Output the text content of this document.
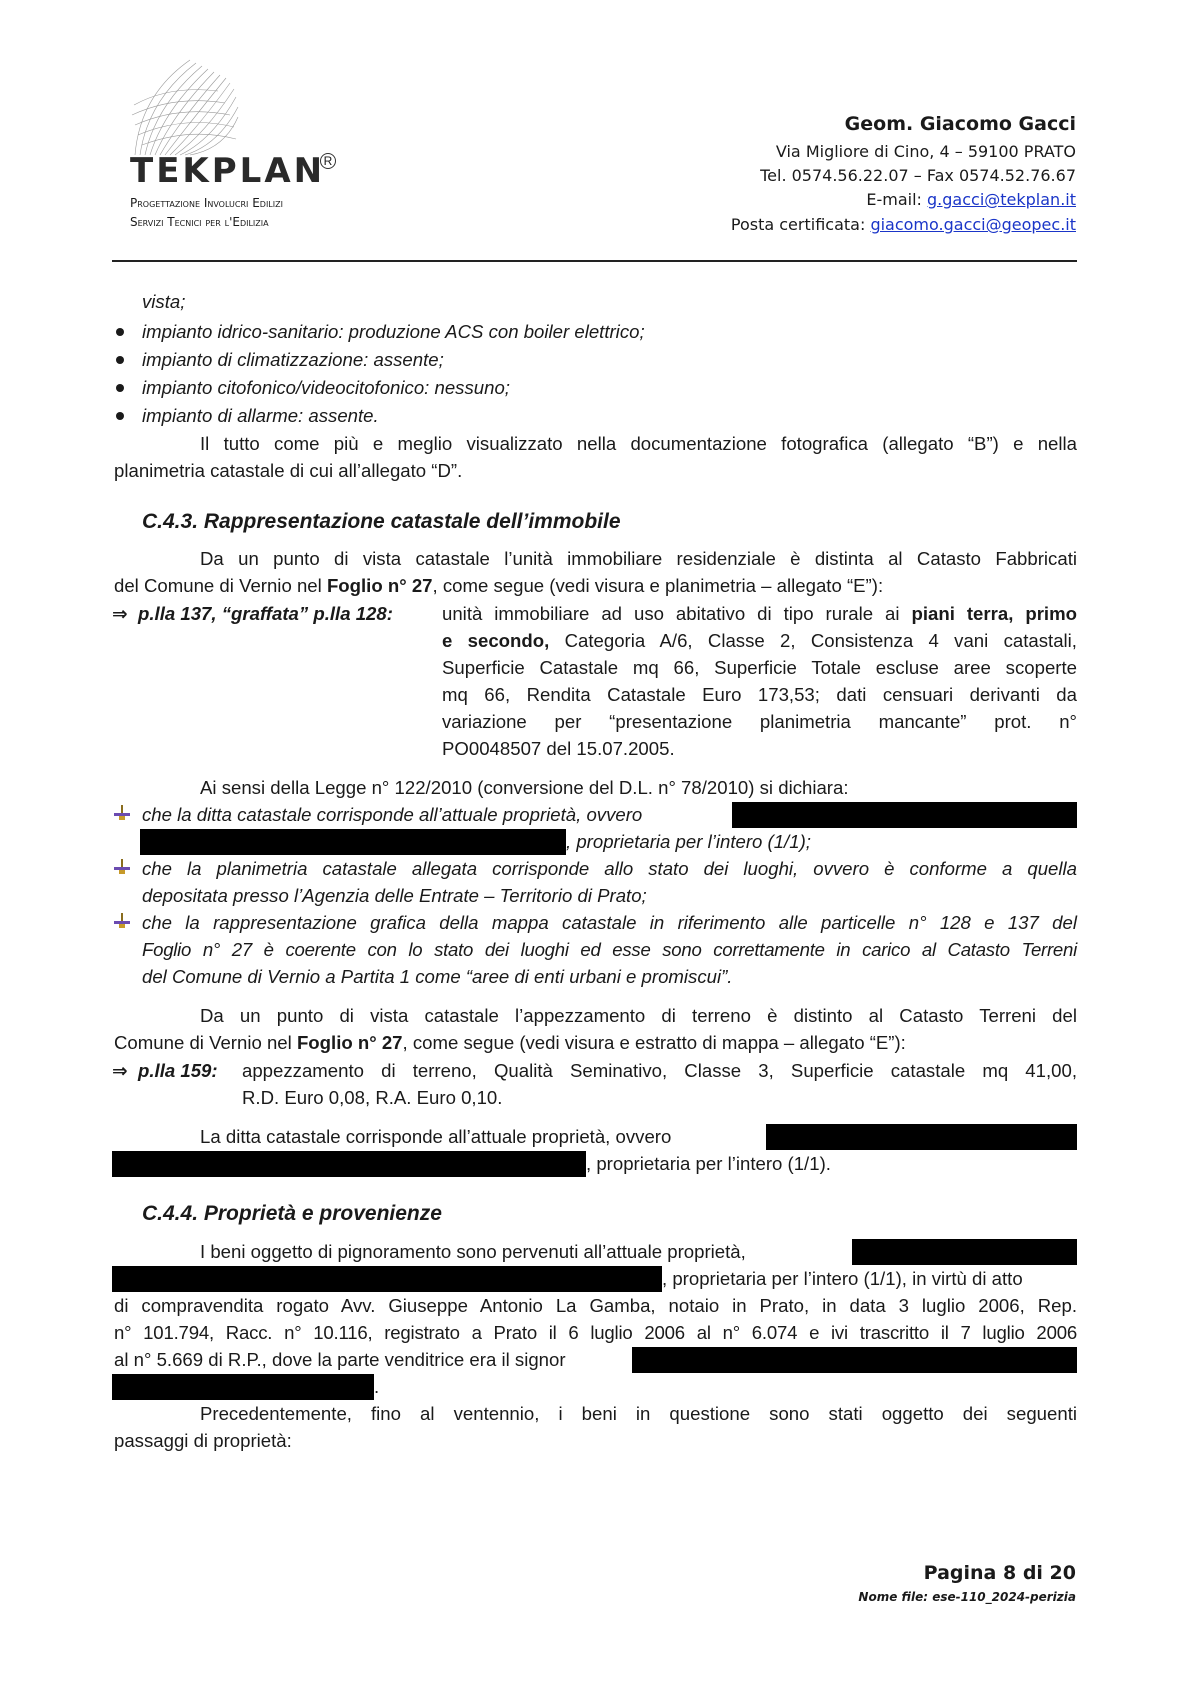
TEKPLAN
R
Progettazione Involucri Edilizi
Servizi Tecnici per l'Edilizia
Geom. Giacomo Gacci
Via Migliore di Cino, 4 – 59100 PRATO
Tel. 0574.56.22.07 – Fax 0574.52.76.67
E-mail: g.gacci@tekplan.it
Posta certificata: giacomo.gacci@geopec.it
vista;
impianto idrico-sanitario: produzione ACS con boiler elettrico;
impianto di climatizzazione: assente;
impianto citofonico/videocitofonico: nessuno;
impianto di allarme: assente.
Il tutto come più e meglio visualizzato nella documentazione fotografica (allegato “B”) e nella
planimetria catastale di cui all’allegato “D”.
C.4.3. Rappresentazione catastale dell’immobile
Da un punto di vista catastale l’unità immobiliare residenziale è distinta al Catasto Fabbricati
del Comune di Vernio nel Foglio n° 27, come segue (vedi visura e planimetria – allegato “E”):
⇒ p.lla 137, “graffata” p.lla 128:	unità immobiliare ad uso abitativo di tipo rurale ai piani terra, primo
e secondo, Categoria A/6, Classe 2, Consistenza 4 vani catastali,
Superficie Catastale mq 66, Superficie Totale escluse aree scoperte
mq 66, Rendita Catastale Euro 173,53; dati censuari derivanti da
variazione per “presentazione planimetria mancante” prot. n°
PO0048507 del 15.07.2005.
Ai sensi della Legge n° 122/2010 (conversione del D.L. n° 78/2010) si dichiara:
che la ditta catastale corrisponde all’attuale proprietà, ovvero
, proprietaria per l’intero (1/1);
che la planimetria catastale allegata corrisponde allo stato dei luoghi, ovvero è conforme a quella
depositata presso l’Agenzia delle Entrate – Territorio di Prato;
che la rappresentazione grafica della mappa catastale in riferimento alle particelle n° 128 e 137 del
Foglio n° 27 è coerente con lo stato dei luoghi ed esse sono correttamente in carico al Catasto Terreni
del Comune di Vernio a Partita 1 come “aree di enti urbani e promiscui”.
Da un punto di vista catastale l’appezzamento di terreno è distinto al Catasto Terreni del
Comune di Vernio nel Foglio n° 27, come segue (vedi visura e estratto di mappa – allegato “E”):
⇒ p.lla 159: appezzamento di terreno, Qualità Seminativo, Classe 3, Superficie catastale mq 41,00,
R.D. Euro 0,08, R.A. Euro 0,10.
La ditta catastale corrisponde all’attuale proprietà, ovvero
, proprietaria per l’intero (1/1).
C.4.4. Proprietà e provenienze
I beni oggetto di pignoramento sono pervenuti all’attuale proprietà,
, proprietaria per l’intero (1/1), in virtù di atto
di compravendita rogato Avv. Giuseppe Antonio La Gamba, notaio in Prato, in data 3 luglio 2006, Rep.
n° 101.794, Racc. n° 10.116, registrato a Prato il 6 luglio 2006 al n° 6.074 e ivi trascritto il 7 luglio 2006
al n° 5.669 di R.P., dove la parte venditrice era il signor
.
Precedentemente, fino al ventennio, i beni in questione sono stati oggetto dei seguenti
passaggi di proprietà:
Pagina 8 di 20
Nome file: ese-110_2024-perizia
